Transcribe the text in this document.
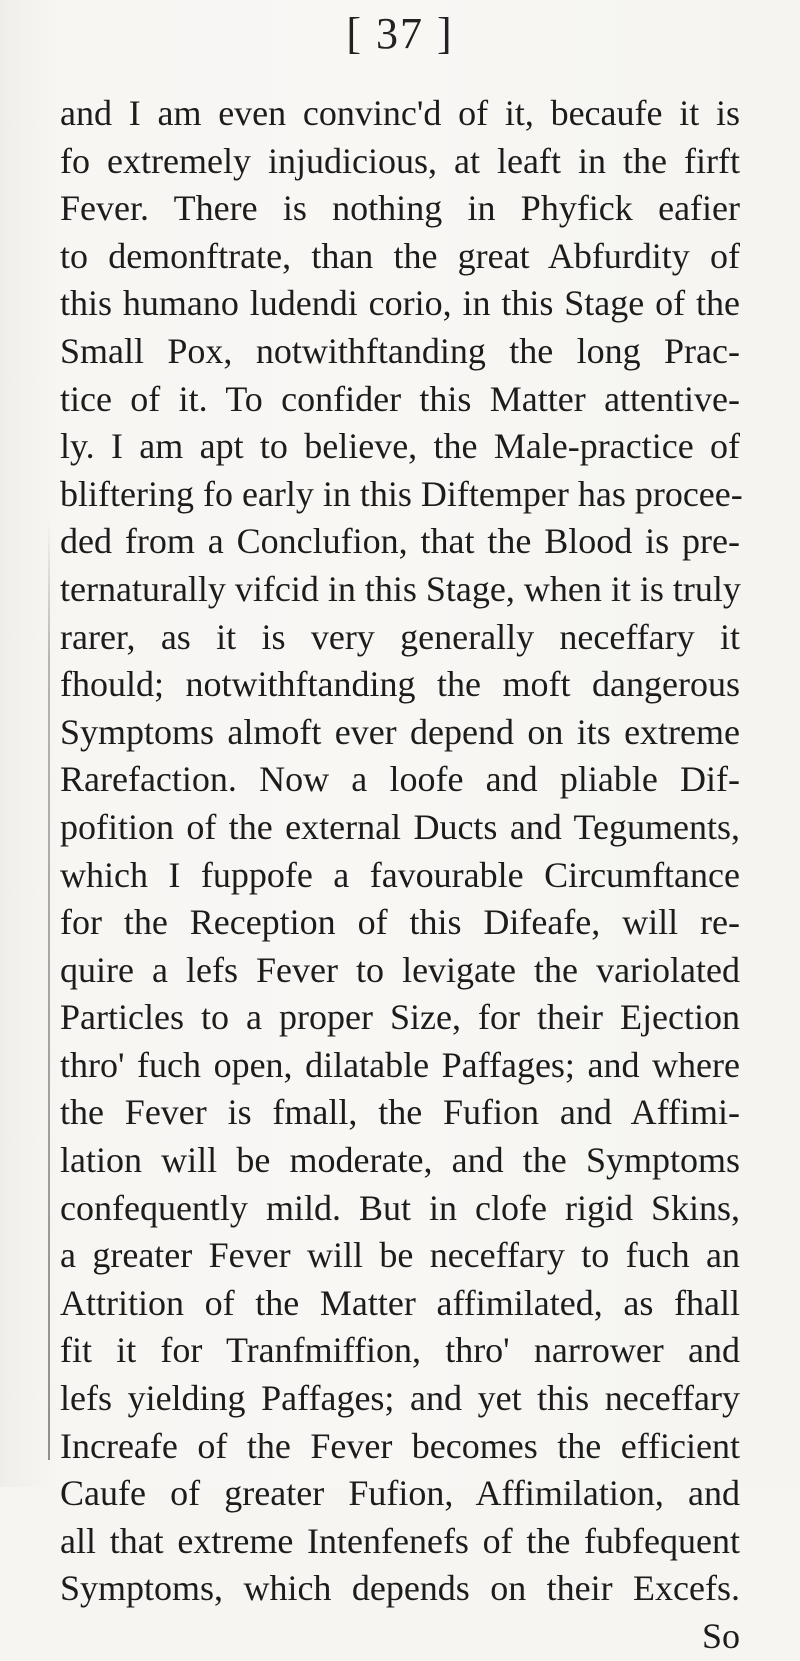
[ 37 ]
and I am even convinc'd of it, becaufe it is
fo extremely injudicious, at leaft in the firft
Fever. There is nothing in Phyfick eafier
to demonftrate, than the great Abfurdity of
this humano ludendi corio, in this Stage of the
Small Pox, notwithftanding the long Prac-
tice of it. To confider this Matter attentive-
ly. I am apt to believe, the Male-practice of
bliftering fo early in this Diftemper has procee-
ded from a Conclufion, that the Blood is pre-
ternaturally vifcid in this Stage, when it is truly
rarer, as it is very generally neceffary it
fhould; notwithftanding the moft dangerous
Symptoms almoft ever depend on its extreme
Rarefaction. Now a loofe and pliable Dif-
pofition of the external Ducts and Teguments,
which I fuppofe a favourable Circumftance
for the Reception of this Difeafe, will re-
quire a lefs Fever to levigate the variolated
Particles to a proper Size, for their Ejection
thro' fuch open, dilatable Paffages; and where
the Fever is fmall, the Fufion and Affimi-
lation will be moderate, and the Symptoms
confequently mild. But in clofe rigid Skins,
a greater Fever will be neceffary to fuch an
Attrition of the Matter affimilated, as fhall
fit it for Tranfmiffion, thro' narrower and
lefs yielding Paffages; and yet this neceffary
Increafe of the Fever becomes the efficient
Caufe of greater Fufion, Affimilation, and
all that extreme Intenfenefs of the fubfequent
Symptoms, which depends on their Excefs.
So
